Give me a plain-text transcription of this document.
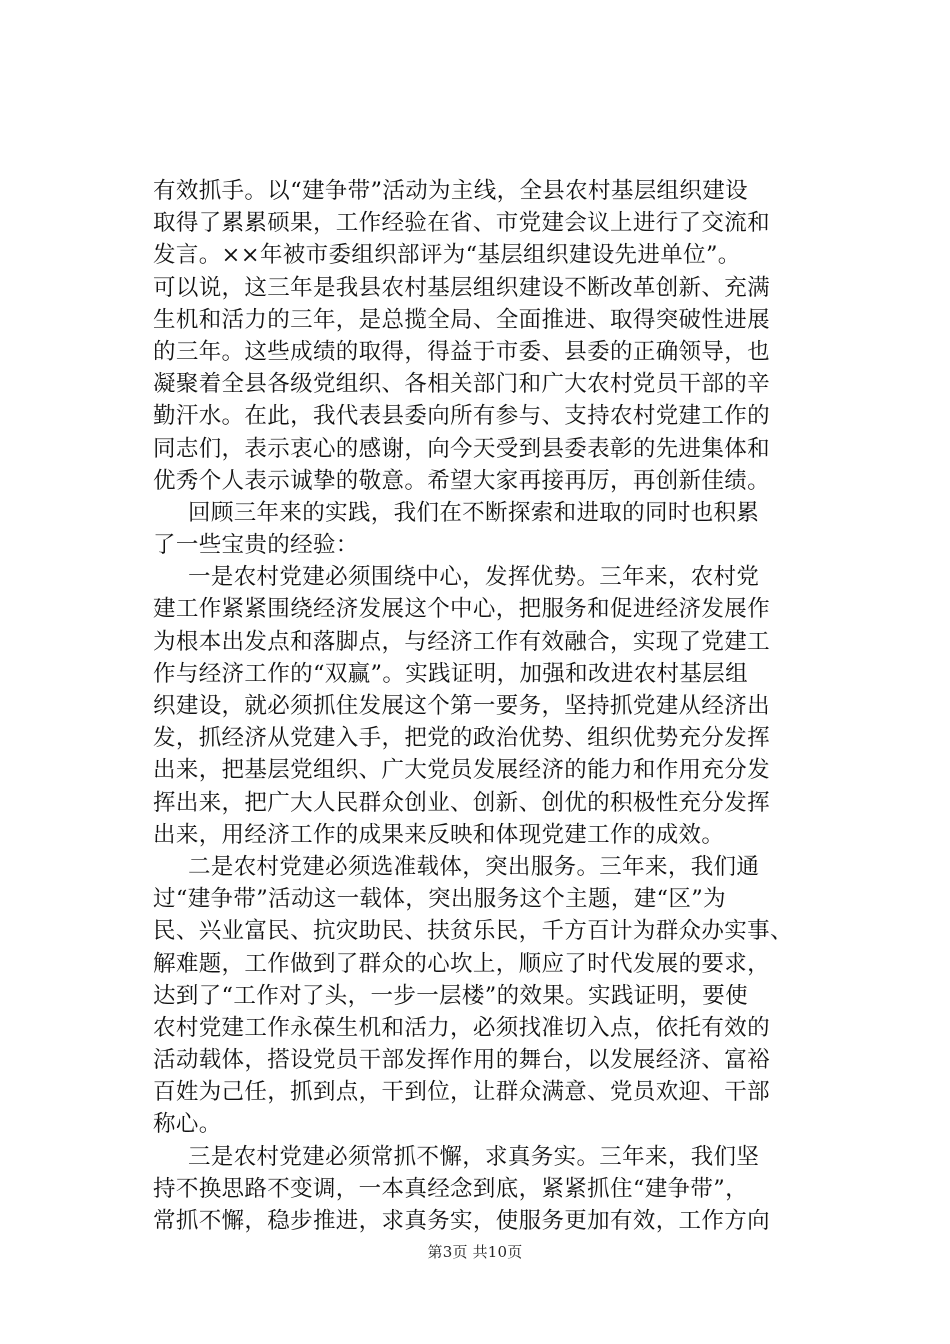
有效抓手。以“建争带”活动为主线，全县农村基层组织建设
取得了累累硕果，工作经验在省、市党建会议上进行了交流和
发言。××年被市委组织部评为“基层组织建设先进单位”。
可以说，这三年是我县农村基层组织建设不断改革创新、充满
生机和活力的三年，是总揽全局、全面推进、取得突破性进展
的三年。这些成绩的取得，得益于市委、县委的正确领导，也
凝聚着全县各级党组织、各相关部门和广大农村党员干部的辛
勤汗水。在此，我代表县委向所有参与、支持农村党建工作的
同志们，表示衷心的感谢，向今天受到县委表彰的先进集体和
优秀个人表示诚挚的敬意。希望大家再接再厉，再创新佳绩。
回顾三年来的实践，我们在不断探索和进取的同时也积累
了一些宝贵的经验：
一是农村党建必须围绕中心，发挥优势。三年来，农村党
建工作紧紧围绕经济发展这个中心，把服务和促进经济发展作
为根本出发点和落脚点，与经济工作有效融合，实现了党建工
作与经济工作的“双赢”。实践证明，加强和改进农村基层组
织建设，就必须抓住发展这个第一要务，坚持抓党建从经济出
发，抓经济从党建入手，把党的政治优势、组织优势充分发挥
出来，把基层党组织、广大党员发展经济的能力和作用充分发
挥出来，把广大人民群众创业、创新、创优的积极性充分发挥
出来，用经济工作的成果来反映和体现党建工作的成效。
二是农村党建必须选准载体，突出服务。三年来，我们通
过“建争带”活动这一载体，突出服务这个主题，建“区”为
民、兴业富民、抗灾助民、扶贫乐民，千方百计为群众办实事、
解难题，工作做到了群众的心坎上，顺应了时代发展的要求，
达到了“工作对了头，一步一层楼”的效果。实践证明，要使
农村党建工作永葆生机和活力，必须找准切入点，依托有效的
活动载体，搭设党员干部发挥作用的舞台，以发展经济、富裕
百姓为己任，抓到点，干到位，让群众满意、党员欢迎、干部
称心。
三是农村党建必须常抓不懈，求真务实。三年来，我们坚
持不换思路不变调，一本真经念到底，紧紧抓住“建争带”，
常抓不懈，稳步推进，求真务实，使服务更加有效，工作方向
第3页 共10页
